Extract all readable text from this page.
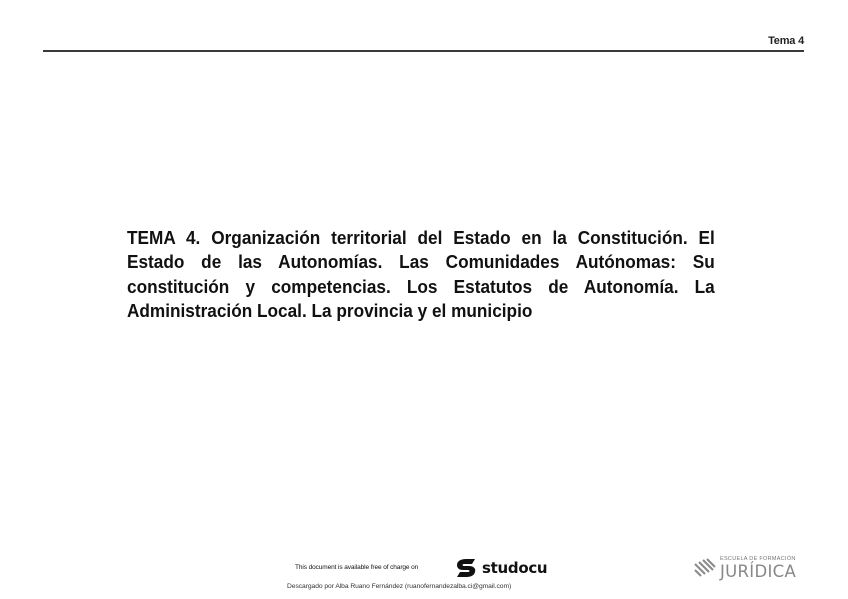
Tema 4
TEMA 4. Organización territorial del Estado en la Constitución. El Estado de las Autonomías. Las Comunidades Autónomas: Su constitución y competencias. Los Estatutos de Autonomía. La Administración Local. La provincia y el municipio
This document is available free of charge on	studocu
Descargado por Alba Ruano Fernández (ruanofernandezalba.ci@gmail.com)
ESCUELA DE FORMACIÓN
JURÍDICA
